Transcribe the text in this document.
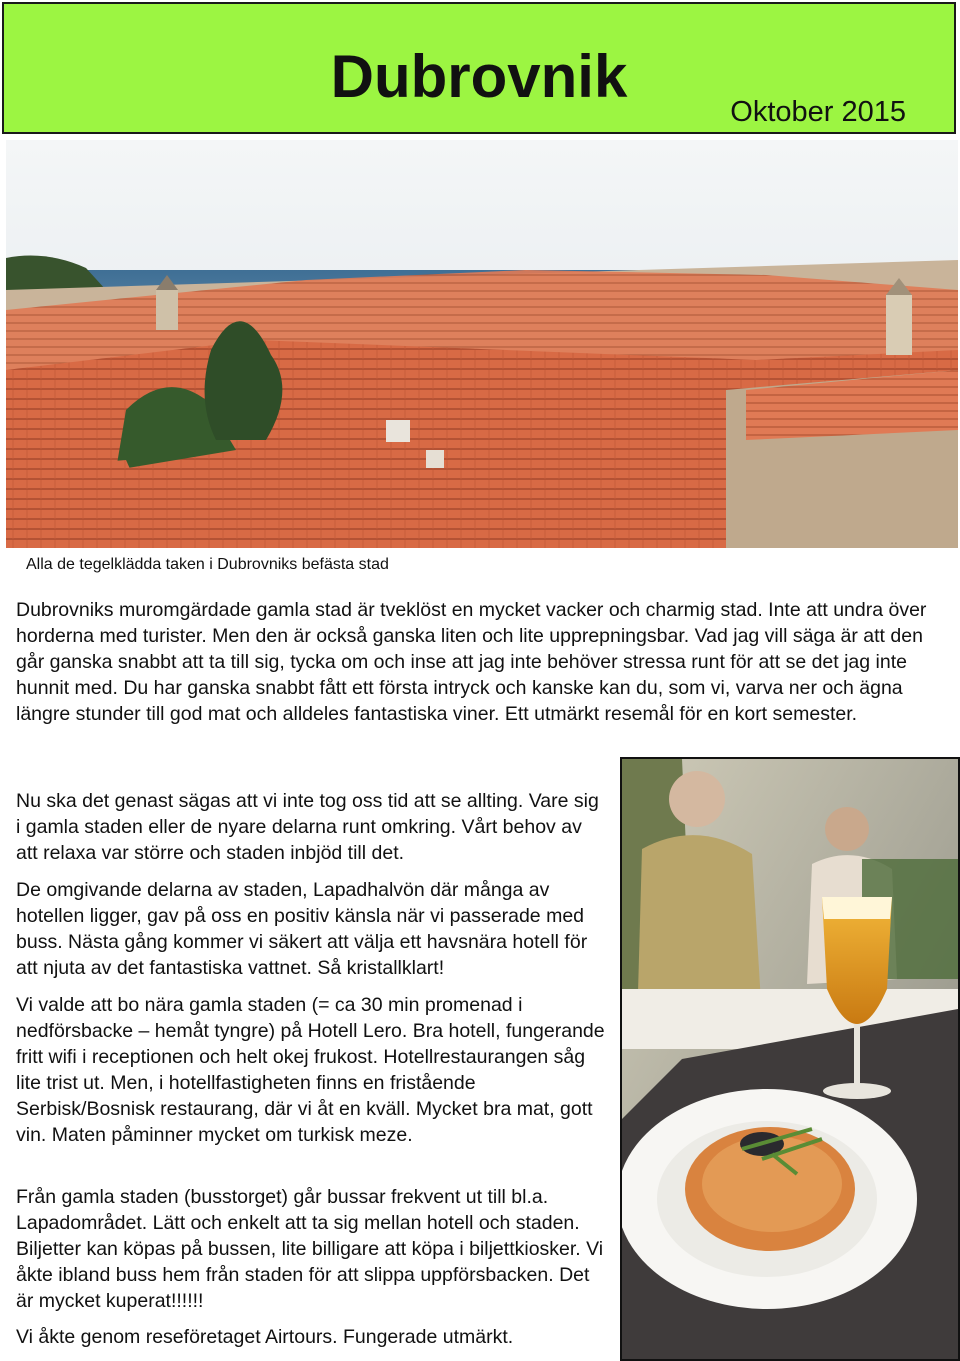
Dubrovnik
Oktober 2015
Alla de tegelklädda taken i Dubrovniks befästa stad

Dubrovniks muromgärdade gamla stad är tveklöst en mycket vacker och charmig stad. Inte att undra över horderna med turister. Men den är också ganska liten och lite upprepningsbar. Vad jag vill säga är att den går ganska snabbt att ta till sig, tycka om och inse att jag inte behöver stressa runt för att se det jag inte hunnit med. Du har ganska snabbt fått ett första intryck och kanske kan du, som vi, varva ner och ägna längre stunder till god mat och alldeles fantastiska viner. Ett utmärkt resemål för en kort semester.

Nu ska det genast sägas att vi inte tog oss tid att se allting. Vare sig i gamla staden eller de nyare delarna runt omkring. Vårt behov av att relaxa var större och staden inbjöd till det.

De omgivande delarna av staden, Lapadhalvön där många av hotellen ligger, gav på oss en positiv känsla när vi passerade med buss. Nästa gång kommer vi säkert att välja ett havsnära hotell för att njuta av det fantastiska vattnet. Så kristallklart!

Vi valde att bo nära gamla staden (= ca 30 min promenad i nedförsbacke – hemåt tyngre) på Hotell Lero. Bra hotell, fungerande fritt wifi i receptionen och helt okej frukost. Hotellrestaurangen såg lite trist ut. Men, i hotellfastigheten finns en fristående Serbisk/Bosnisk restaurang, där vi åt en kväll. Mycket bra mat, gott vin. Maten påminner mycket om turkisk meze.

Från gamla staden (busstorget) går bussar frekvent ut till bl.a. Lapadområdet. Lätt och enkelt att ta sig mellan hotell och staden. Biljetter kan köpas på bussen, lite billigare att köpa i biljettkiosker. Vi åkte ibland buss hem från staden för att slippa uppförsbacken. Det är mycket kuperat!!!!!!

Vi åkte genom reseföretaget Airtours. Fungerade utmärkt.
